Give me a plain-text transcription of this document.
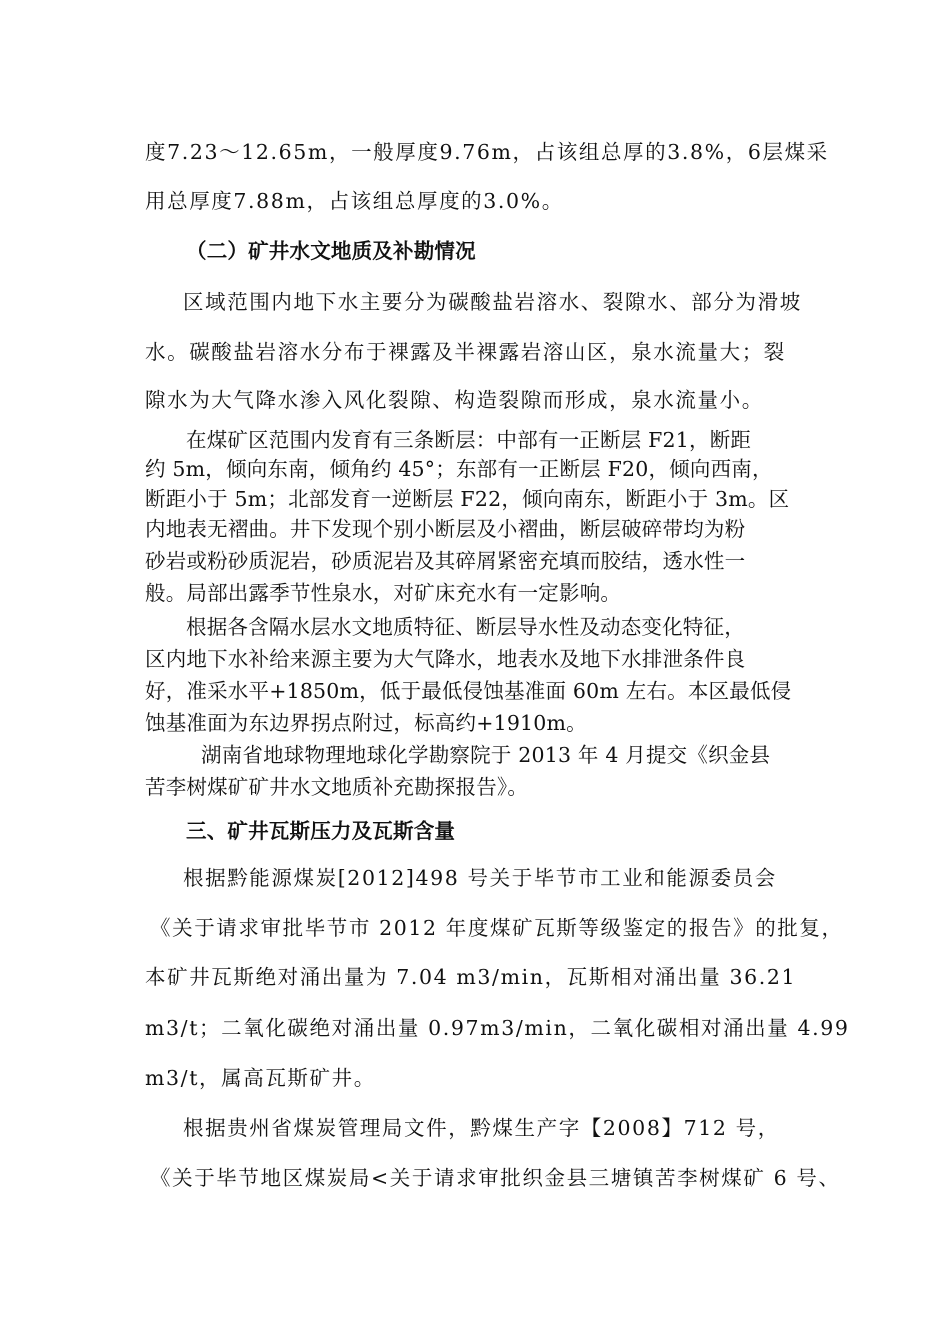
度7.23～12.65m，一般厚度9.76m，占该组总厚的3.8%，6层煤采
用总厚度7.88m，占该组总厚度的3.0%。
（二）矿井水文地质及补勘情况
区域范围内地下水主要分为碳酸盐岩溶水、裂隙水、部分为滑坡
水。碳酸盐岩溶水分布于裸露及半裸露岩溶山区，泉水流量大；裂
隙水为大气降水渗入风化裂隙、构造裂隙而形成，泉水流量小。
在煤矿区范围内发育有三条断层：中部有一正断层 F21，断距
约 5m，倾向东南，倾角约 45°；东部有一正断层 F20，倾向西南，
断距小于 5m；北部发育一逆断层 F22，倾向南东，断距小于 3m。区
内地表无褶曲。井下发现个别小断层及小褶曲，断层破碎带均为粉
砂岩或粉砂质泥岩，砂质泥岩及其碎屑紧密充填而胶结，透水性一
般。局部出露季节性泉水，对矿床充水有一定影响。
根据各含隔水层水文地质特征、断层导水性及动态变化特征，
区内地下水补给来源主要为大气降水，地表水及地下水排泄条件良
好，准采水平+1850m，低于最低侵蚀基准面 60m 左右。本区最低侵
蚀基准面为东边界拐点附过，标高约+1910m。
湖南省地球物理地球化学勘察院于 2013 年 4 月提交《织金县
苦李树煤矿矿井水文地质补充勘探报告》。
三、矿井瓦斯压力及瓦斯含量
根据黔能源煤炭[2012]498 号关于毕节市工业和能源委员会
《关于请求审批毕节市 2012 年度煤矿瓦斯等级鉴定的报告》的批复，
本矿井瓦斯绝对涌出量为 7.04 m3/min，瓦斯相对涌出量 36.21
m3/t；二氧化碳绝对涌出量 0.97m3/min，二氧化碳相对涌出量 4.99
m3/t，属高瓦斯矿井。
根据贵州省煤炭管理局文件，黔煤生产字【2008】712 号，
《关于毕节地区煤炭局<关于请求审批织金县三塘镇苦李树煤矿 6 号、
